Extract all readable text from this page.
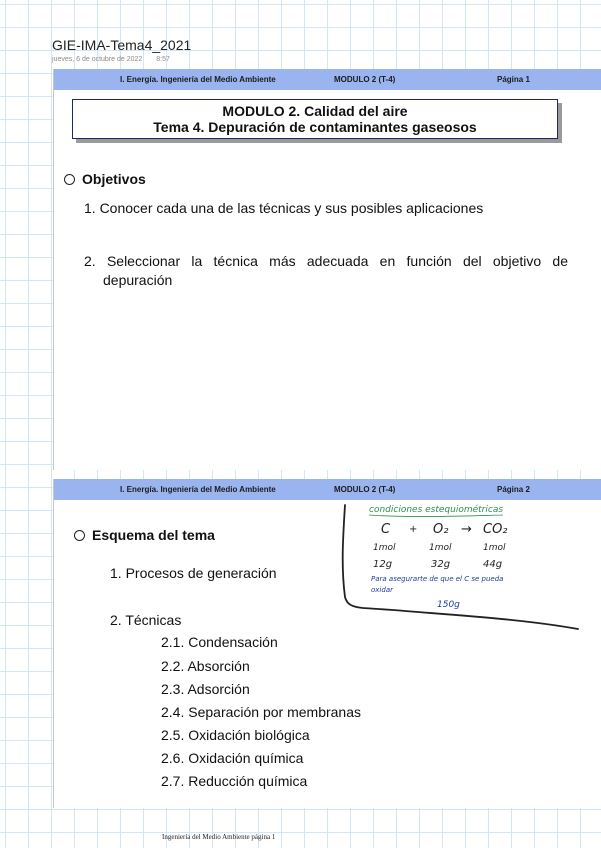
GIE-IMA-Tema4_2021
jueves, 6 de octubre de 2022 8:57
I. Energía. Ingeniería del Medio Ambiente	MODULO 2 (T-4)	Página 1
MODULO 2. Calidad del aire
Tema 4. Depuración de contaminantes gaseosos
Objetivos
1. Conocer cada una de las técnicas y sus posibles aplicaciones
2. Seleccionar la técnica más adecuada en función del objetivo de
depuración
I. Energía. Ingeniería del Medio Ambiente	MODULO 2 (T-4)	Página 2
Esquema del tema
1. Procesos de generación
2. Técnicas
2.1. Condensación
2.2. Absorción
2.3. Adsorción
2.4. Separación por membranas
2.5. Oxidación biológica
2.6. Oxidación química
2.7. Reducción química
condiciones estequiométricas
C + O₂ → CO₂
1mol	1mol	1mol
12g	32g	44g
Para asegurarte de que el C se pueda
oxidar
150g
Ingeniería del Medio Ambiente página 1
